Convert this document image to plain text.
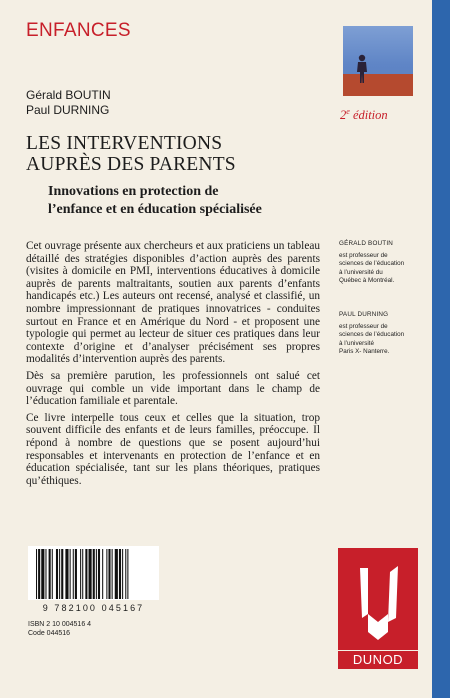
ENFANCES
Gérald BOUTIN
Paul DURNING	2e édition
LES INTERVENTIONS
AUPRÈS DES PARENTS
Innovations en protection de
l’enfance et en éducation spécialisée

Cet ouvrage présente aux chercheurs et aux praticiens un tableau détaillé des stratégies disponibles d’action auprès des parents (visites à domicile en PMI, interventions éducatives à domicile auprès de parents maltraitants, soutien aux parents d’enfants handicapés etc.) Les auteurs ont recensé, analysé et classifié, un nombre impressionnant de pratiques innovatrices - conduites surtout en France et en Amérique du Nord - et proposent une typologie qui permet au lecteur de situer ces pratiques dans leur contexte d’origine et d’analyser précisément ses propres modalités d’intervention auprès des parents.

Dès sa première parution, les professionnels ont salué cet ouvrage qui comble un vide important dans le champ de l’éducation familiale et parentale.

Ce livre interpelle tous ceux et celles que la situation, trop souvent difficile des enfants et de leurs familles, préoccupe. Il répond à nombre de questions que se posent aujourd’hui responsables et intervenants en protection de l’enfance et en éducation spécialisée, tant sur les plans théoriques, pratiques qu’éthiques.

GÉRALD BOUTIN
est professeur de
sciences de l’éducation
à l’université du
Québec à Montréal.
PAUL DURNING
est professeur de
sciences de l’éducation
à l’université
Paris X- Nanterre.
9 782100 045167
ISBN 2 10 004516 4
Code 044516
DUNOD
